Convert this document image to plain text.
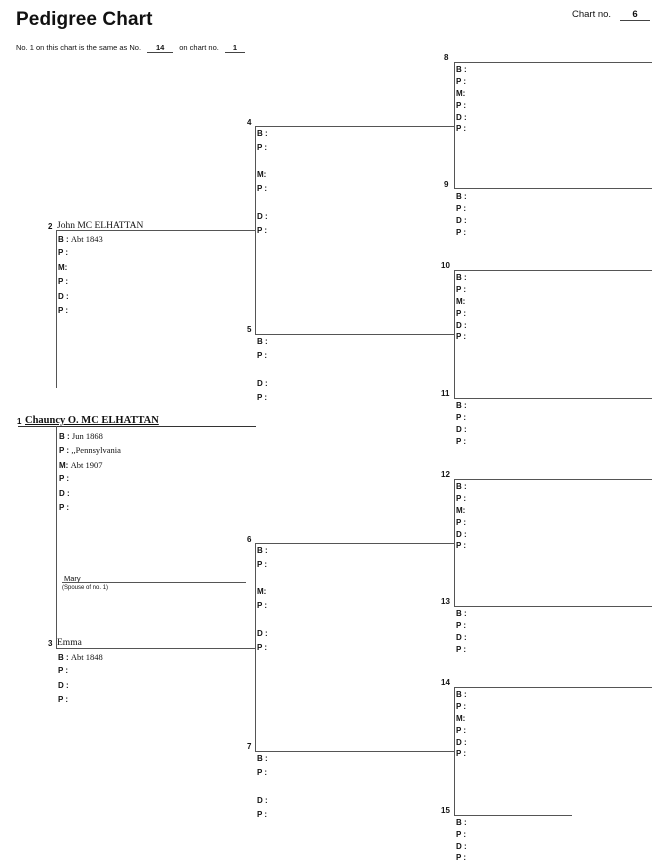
Pedigree Chart	Chart no.	6
No. 1 on this chart is the same as No. 14 on chart no. 1
1 Chauncy O. MC ELHATTAN
B : Jun 1868
P : ,,Pennsylvania
M: Abt 1907
P :
D :
P :
Mary
(Spouse of no. 1)
2 John MC ELHATTAN
B : Abt 1843
P :
M:
P :
D :
P :
3 Emma
B : Abt 1848
P :
D :
P :
4
B :
P :
M:
P :
D :
P :
5
B :
P :
D :
P :
6
B :
P :
M:
P :
D :
P :
7
B :
P :
D :
P :
8
B :
P :
M:
P :
D :
P :
9
B :
P :
D :
P :
10
B :
P :
M:
P :
D :
P :
11
B :
P :
D :
P :
12
B :
P :
M:
P :
D :
P :
13
B :
P :
D :
P :
14
B :
P :
M:
P :
D :
P :
15
B :
P :
D :
P :
